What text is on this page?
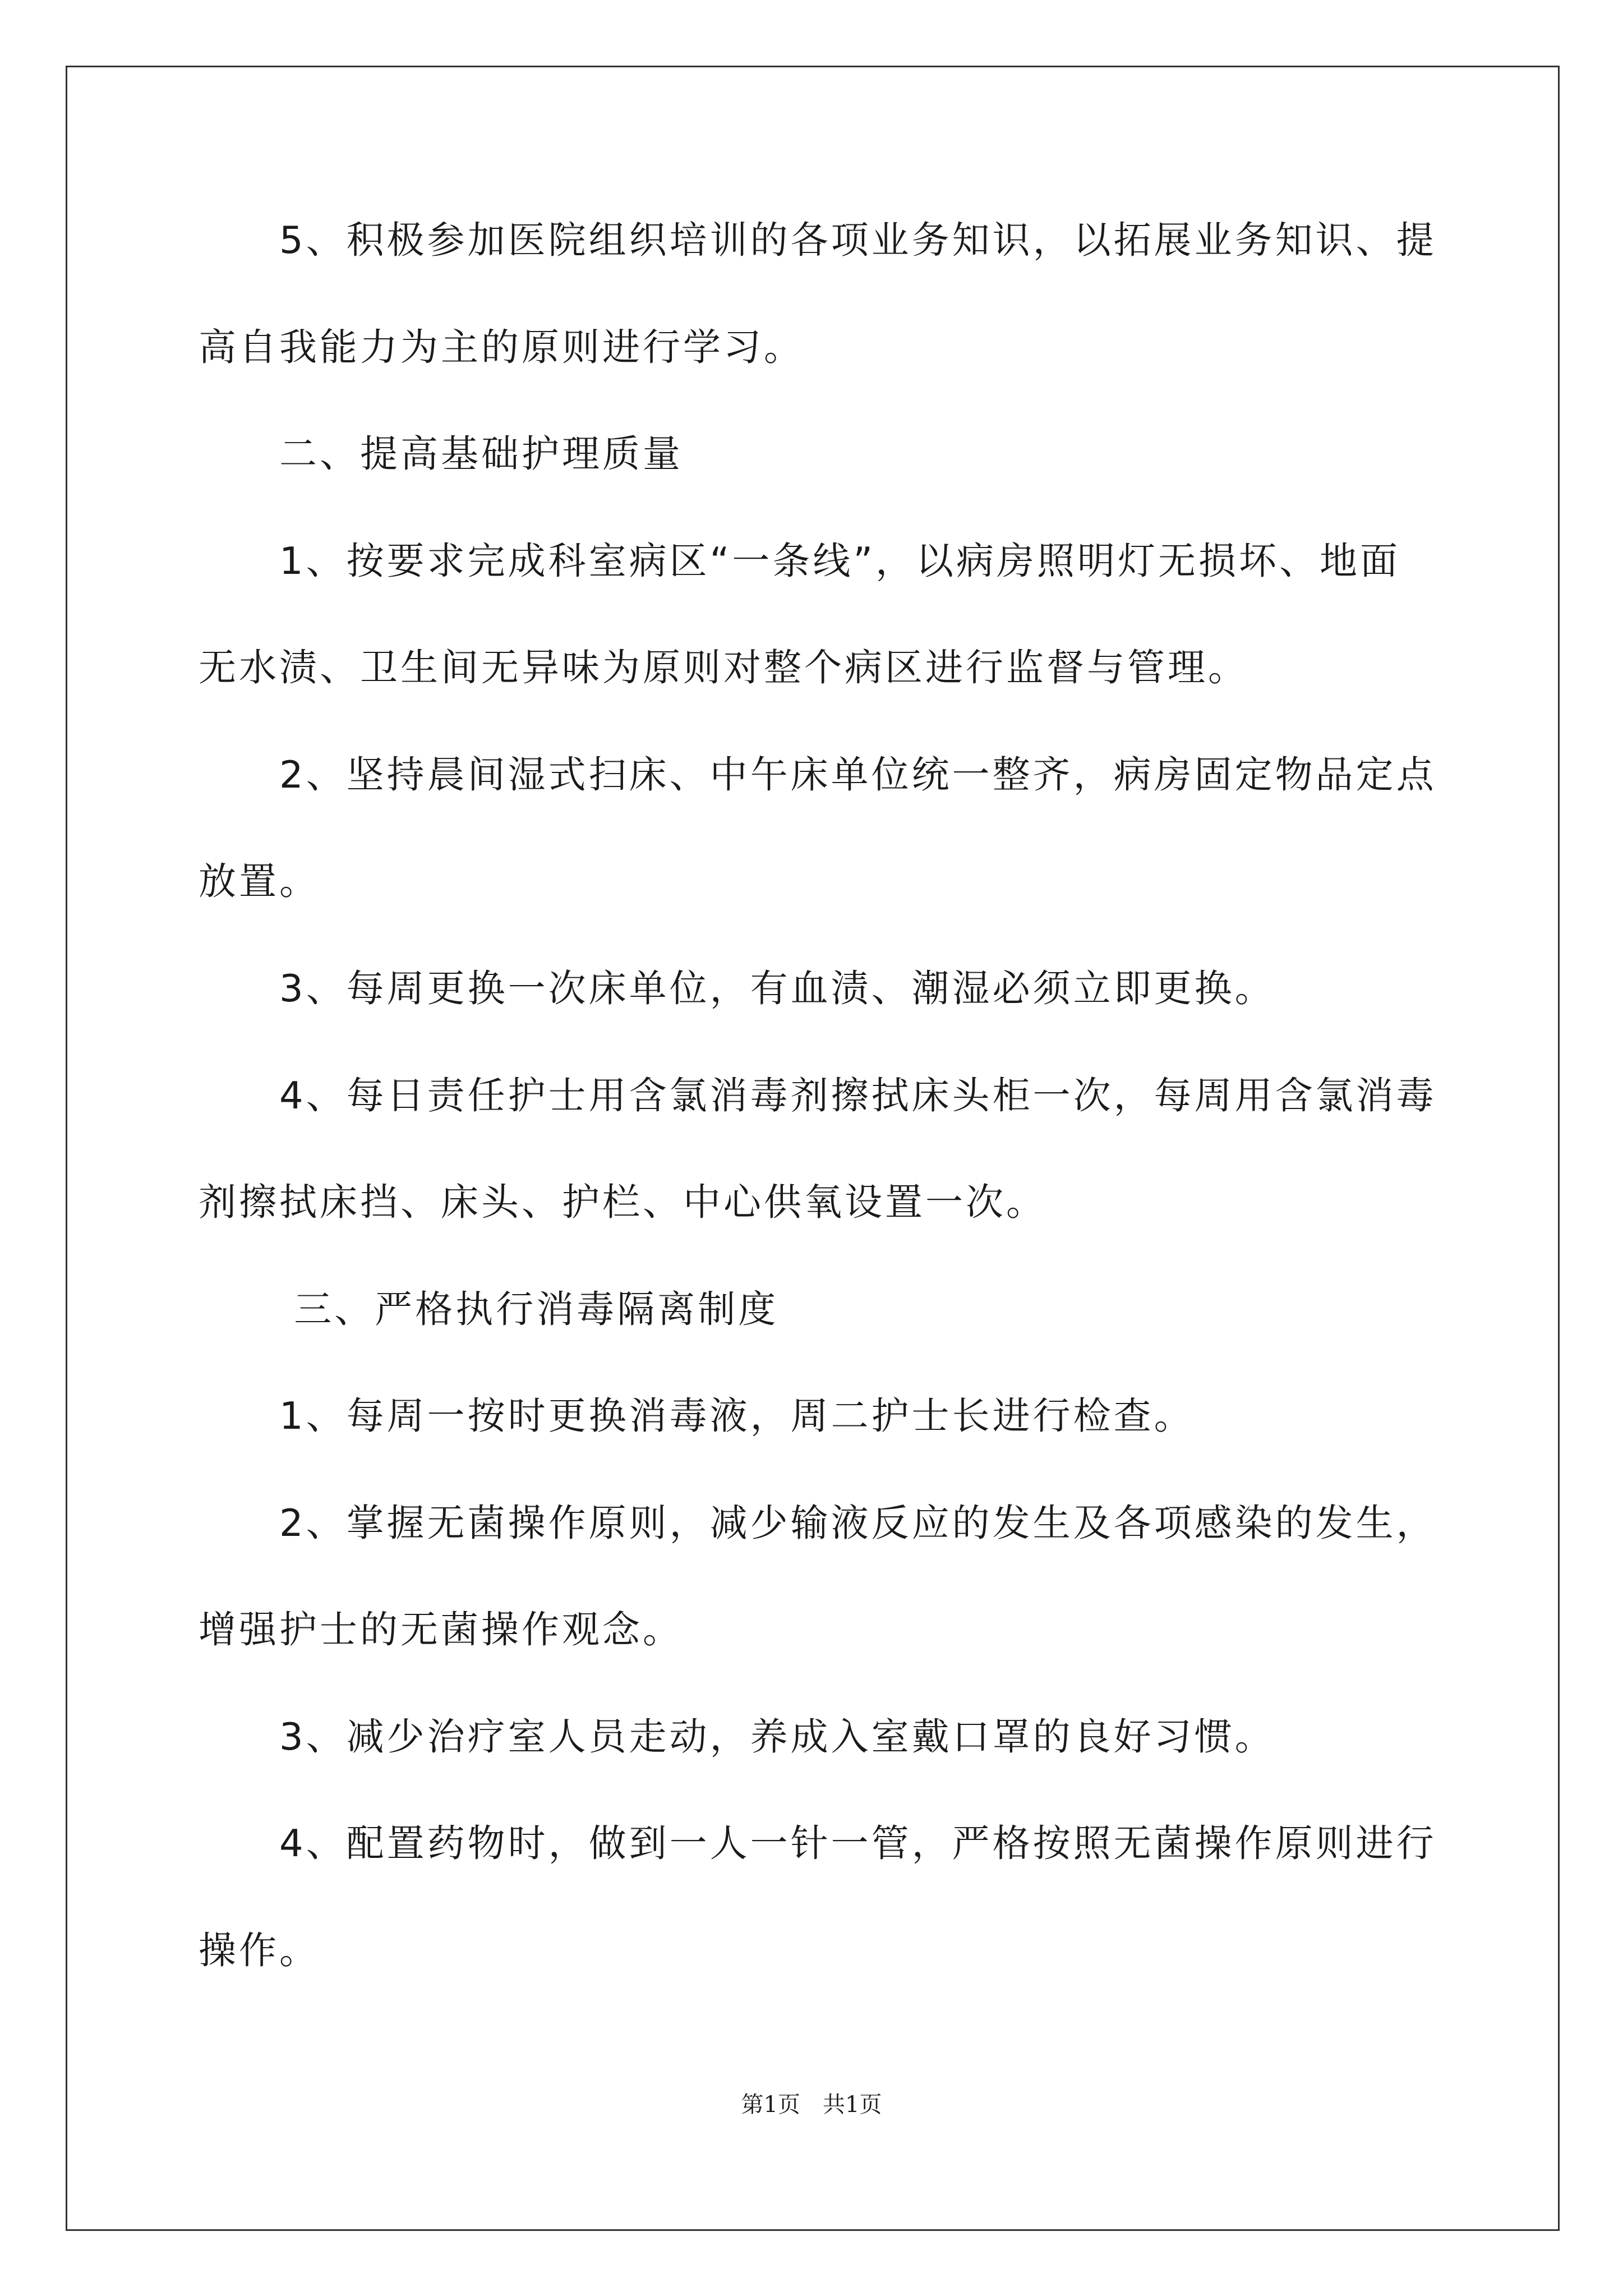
　　5、积极参加医院组织培训的各项业务知识，以拓展业务知识、提
高自我能力为主的原则进行学习。
　　二、提高基础护理质量
　　1、按要求完成科室病区“一条线”，以病房照明灯无损坏、地面
无水渍、卫生间无异味为原则对整个病区进行监督与管理。
　　2、坚持晨间湿式扫床、中午床单位统一整齐，病房固定物品定点
放置。
　　3、每周更换一次床单位，有血渍、潮湿必须立即更换。
　　4、每日责任护士用含氯消毒剂擦拭床头柜一次，每周用含氯消毒
剂擦拭床挡、床头、护栏、中心供氧设置一次。
　　 三、严格执行消毒隔离制度
　　1、每周一按时更换消毒液，周二护士长进行检查。
　　2、掌握无菌操作原则，减少输液反应的发生及各项感染的发生，
增强护士的无菌操作观念。
　　3、减少治疗室人员走动，养成入室戴口罩的良好习惯。
　　4、配置药物时，做到一人一针一管，严格按照无菌操作原则进行
操作。
第1页 共1页
